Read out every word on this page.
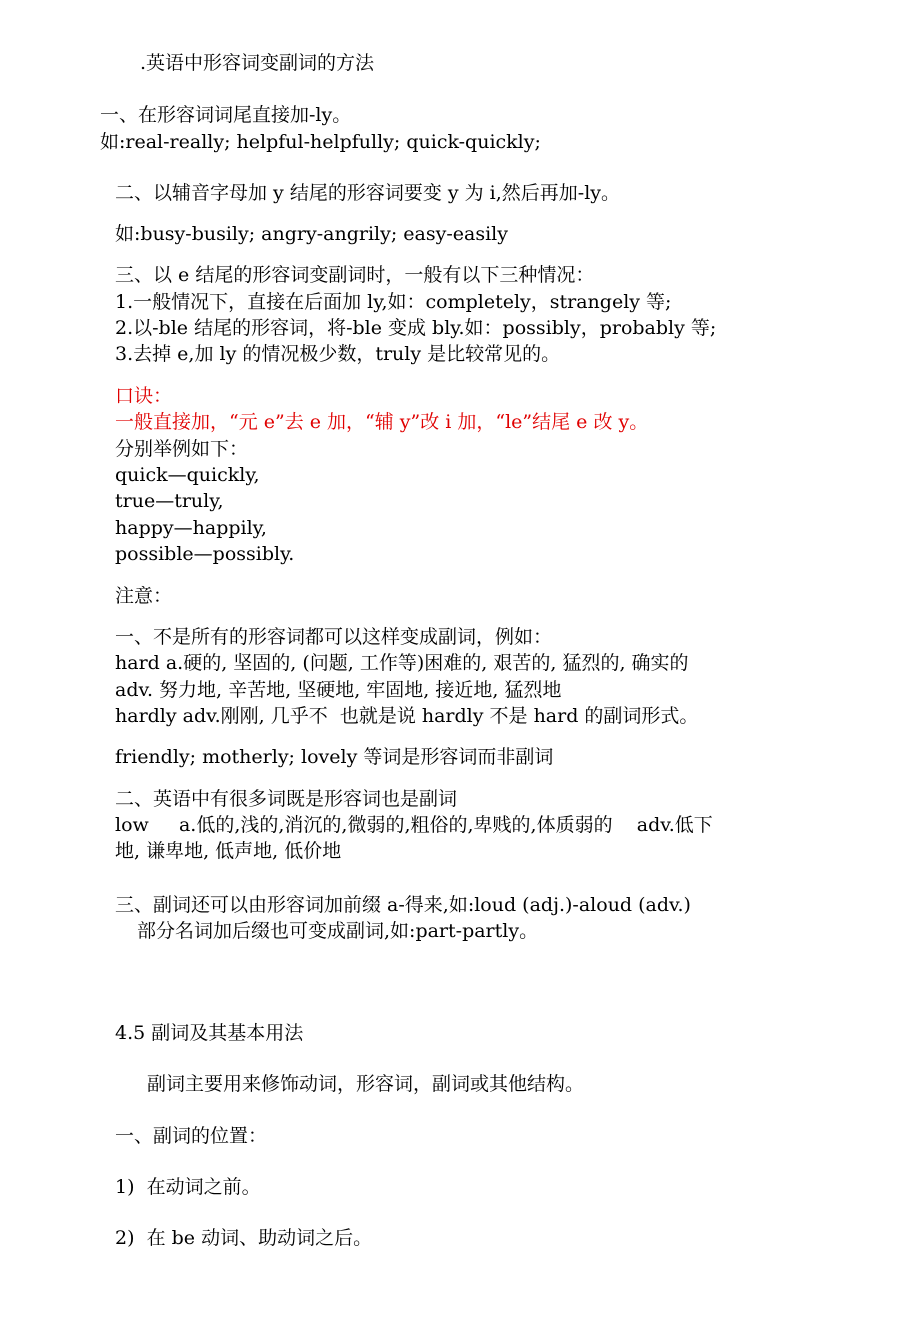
.英语中形容词变副词的方法

一、在形容词词尾直接加-ly。

如:real-really; helpful-helpfully; quick-quickly;

二、以辅音字母加 y 结尾的形容词要变 y 为 i,然后再加-ly。

如:busy-busily; angry-angrily; easy-easily

三、以 e 结尾的形容词变副词时，一般有以下三种情况：

1.一般情况下，直接在后面加 ly,如：completely，strangely 等;

2.以-ble 结尾的形容词，将-ble 变成 bly.如：possibly，probably 等;

3.去掉 e,加 ly 的情况极少数，truly 是比较常见的。

口诀：

一般直接加，“元 e”去 e 加，“辅 y”改 i 加，“le”结尾 e 改 y。

分别举例如下：

quick—quickly,

true—truly,

happy—happily,

possible—possibly.

注意：

一、不是所有的形容词都可以这样变成副词，例如：

hard a.硬的, 坚固的, (问题, 工作等)困难的, 艰苦的, 猛烈的, 确实的

adv. 努力地, 辛苦地, 坚硬地, 牢固地, 接近地, 猛烈地

hardly adv.刚刚, 几乎不  也就是说 hardly 不是 hard 的副词形式。

friendly; motherly; lovely 等词是形容词而非副词

二、英语中有很多词既是形容词也是副词

low     a.低的,浅的,消沉的,微弱的,粗俗的,卑贱的,体质弱的    adv.低下

地, 谦卑地, 低声地, 低价地

三、副词还可以由形容词加前缀 a-得来,如:loud (adj.)-aloud (adv.)

部分名词加后缀也可变成副词,如:part-partly。

4.5 副词及其基本用法

副词主要用来修饰动词，形容词，副词或其他结构。

一、副词的位置：

1)  在动词之前。

2)  在 be 动词、助动词之后。
